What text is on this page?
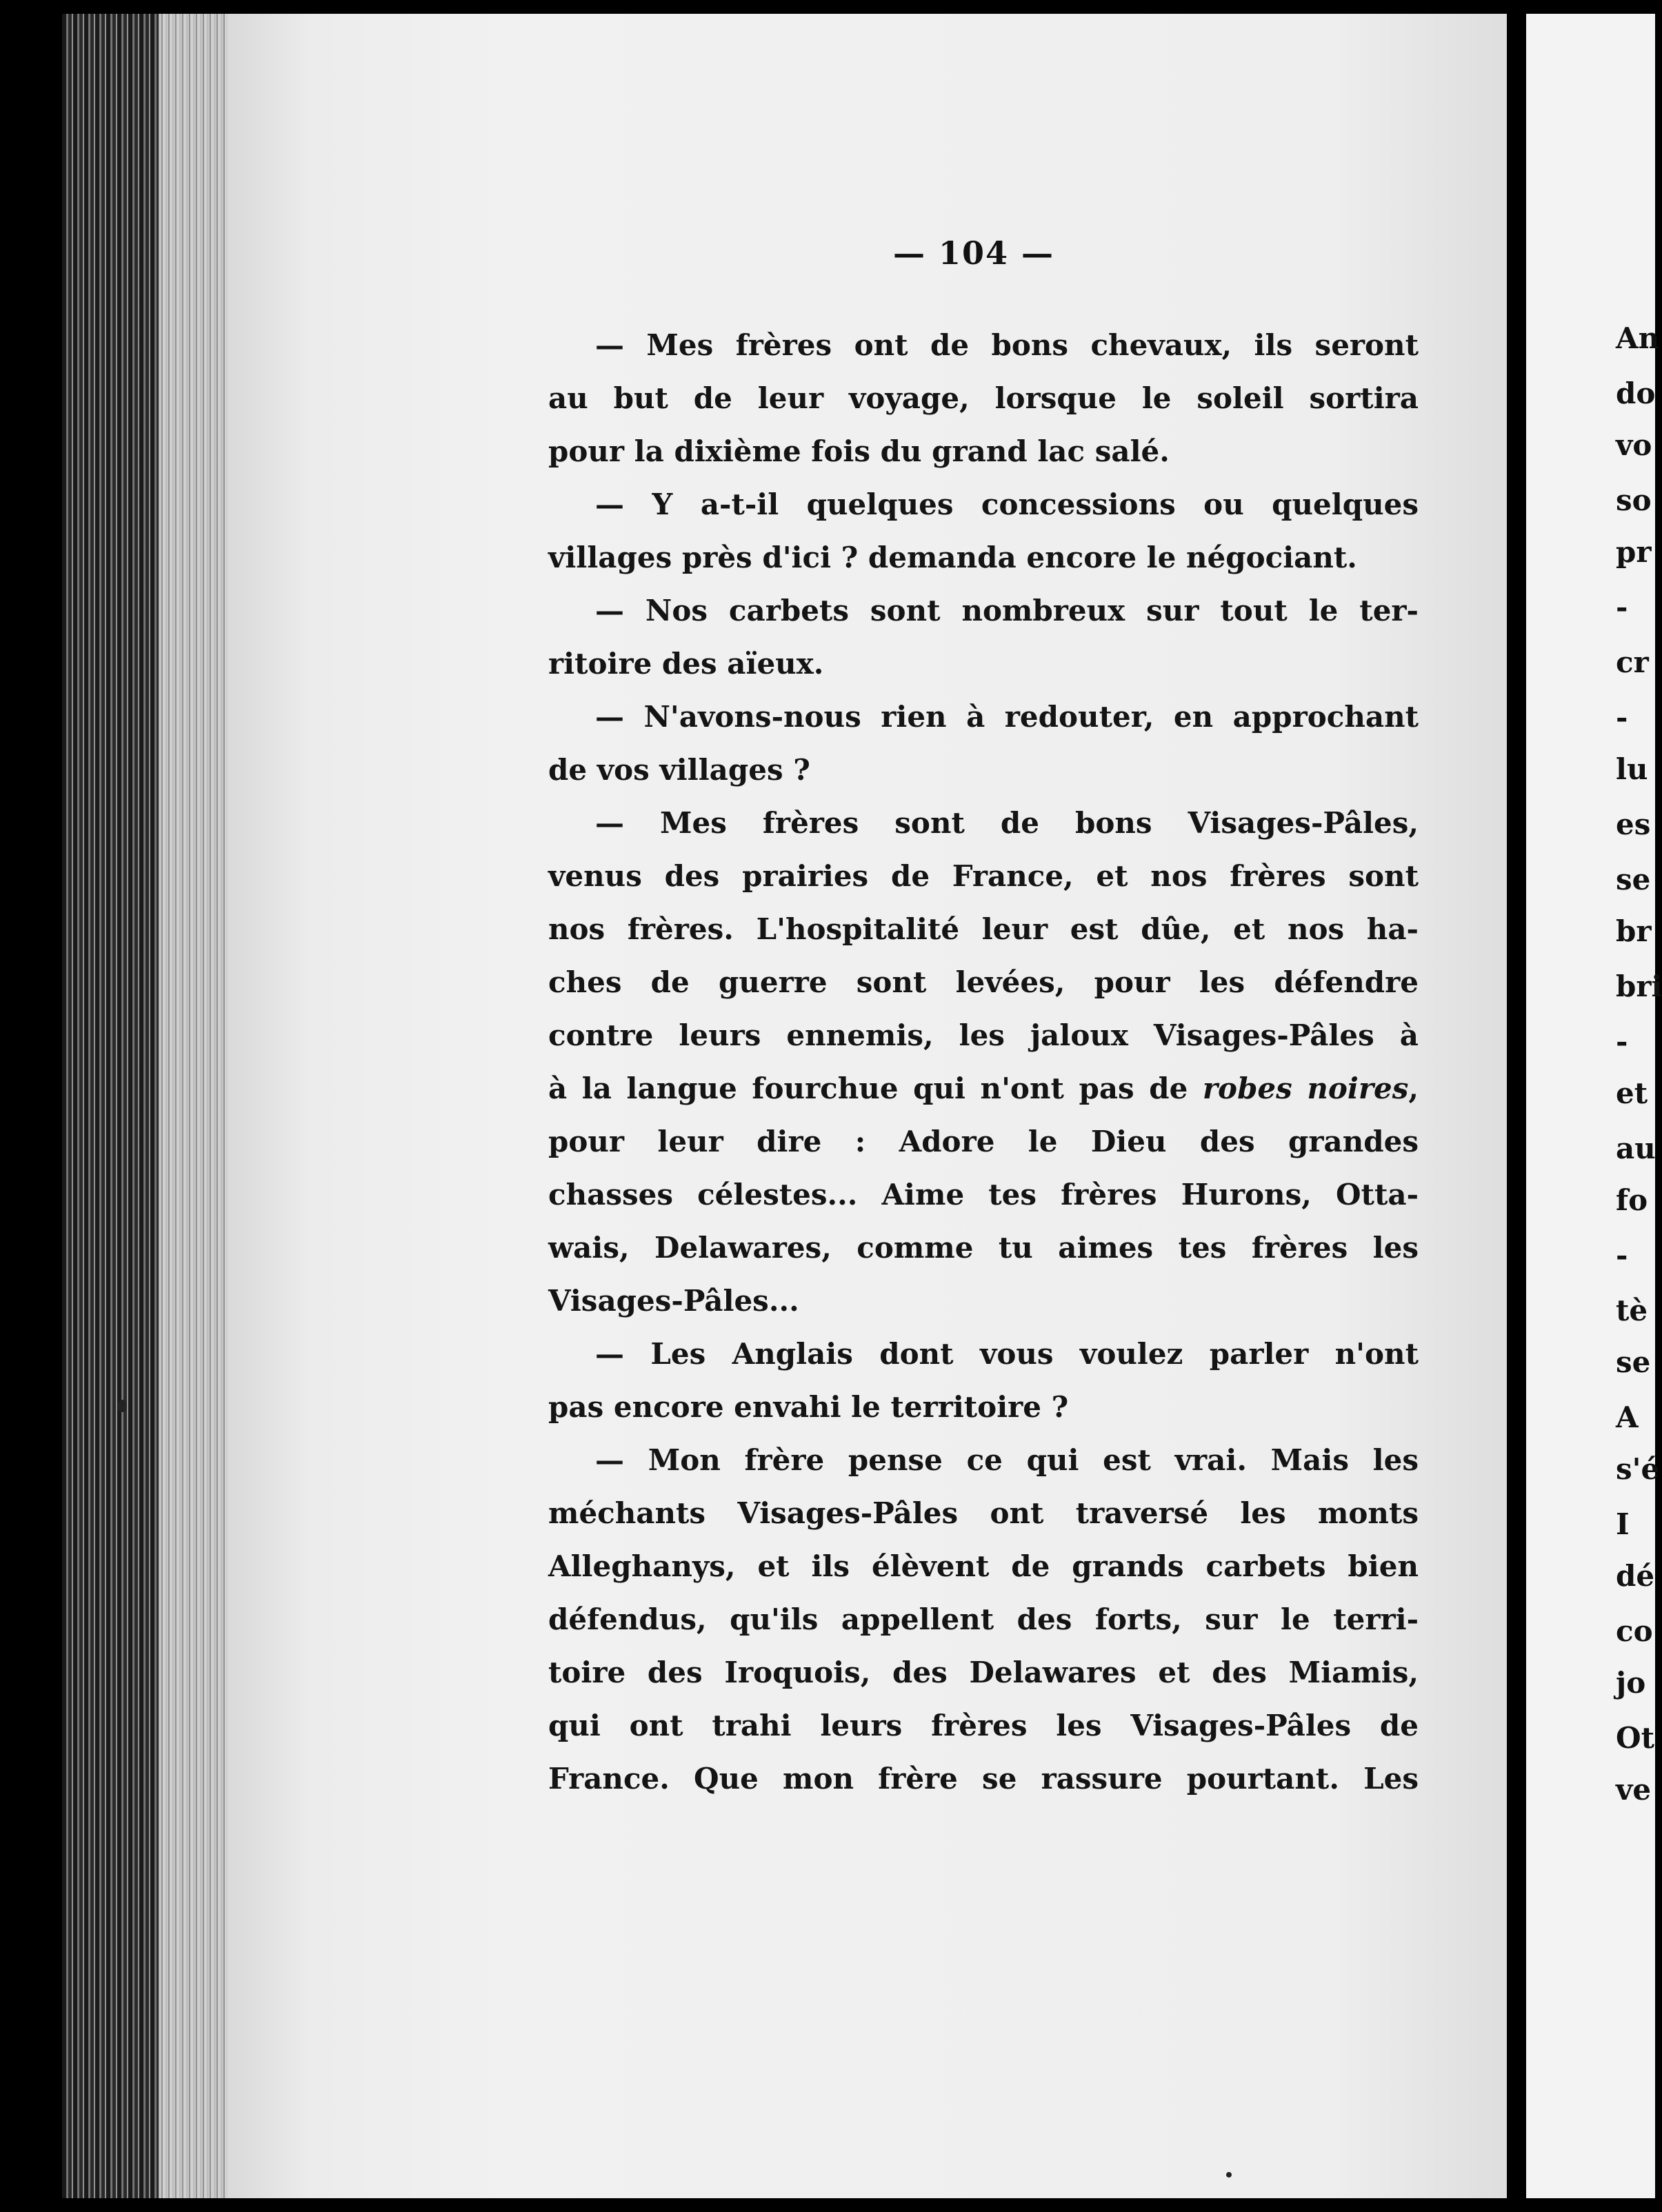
An
do
vo
so
pr
-
cr
-
lu
es
se
br
bri
-
et
au
fo
-
tè
se
A
s'é
I
dé
co
jo
Ot
ve
— 104 —
— Mes frères ont de bons chevaux, ils seront
au but de leur voyage, lorsque le soleil sortira
pour la dixième fois du grand lac salé.
— Y a-t-il quelques concessions ou quelques
villages près d'ici ? demanda encore le négociant.
— Nos carbets sont nombreux sur tout le ter-
ritoire des aïeux.
— N'avons-nous rien à redouter, en approchant
de vos villages ?
— Mes frères sont de bons Visages-Pâles,
venus des prairies de France, et nos frères sont
nos frères. L'hospitalité leur est dûe, et nos ha-
ches de guerre sont levées, pour les défendre
contre leurs ennemis, les jaloux Visages-Pâles à
à la langue fourchue qui n'ont pas de robes noires,
pour leur dire : Adore le Dieu des grandes
chasses célestes... Aime tes frères Hurons, Otta-
wais, Delawares, comme tu aimes tes frères les
Visages-Pâles...
— Les Anglais dont vous voulez parler n'ont
pas encore envahi le territoire ?
— Mon frère pense ce qui est vrai. Mais les
méchants Visages-Pâles ont traversé les monts
Alleghanys, et ils élèvent de grands carbets bien
défendus, qu'ils appellent des forts, sur le terri-
toire des Iroquois, des Delawares et des Miamis,
qui ont trahi leurs frères les Visages-Pâles de
France. Que mon frère se rassure pourtant. Les
